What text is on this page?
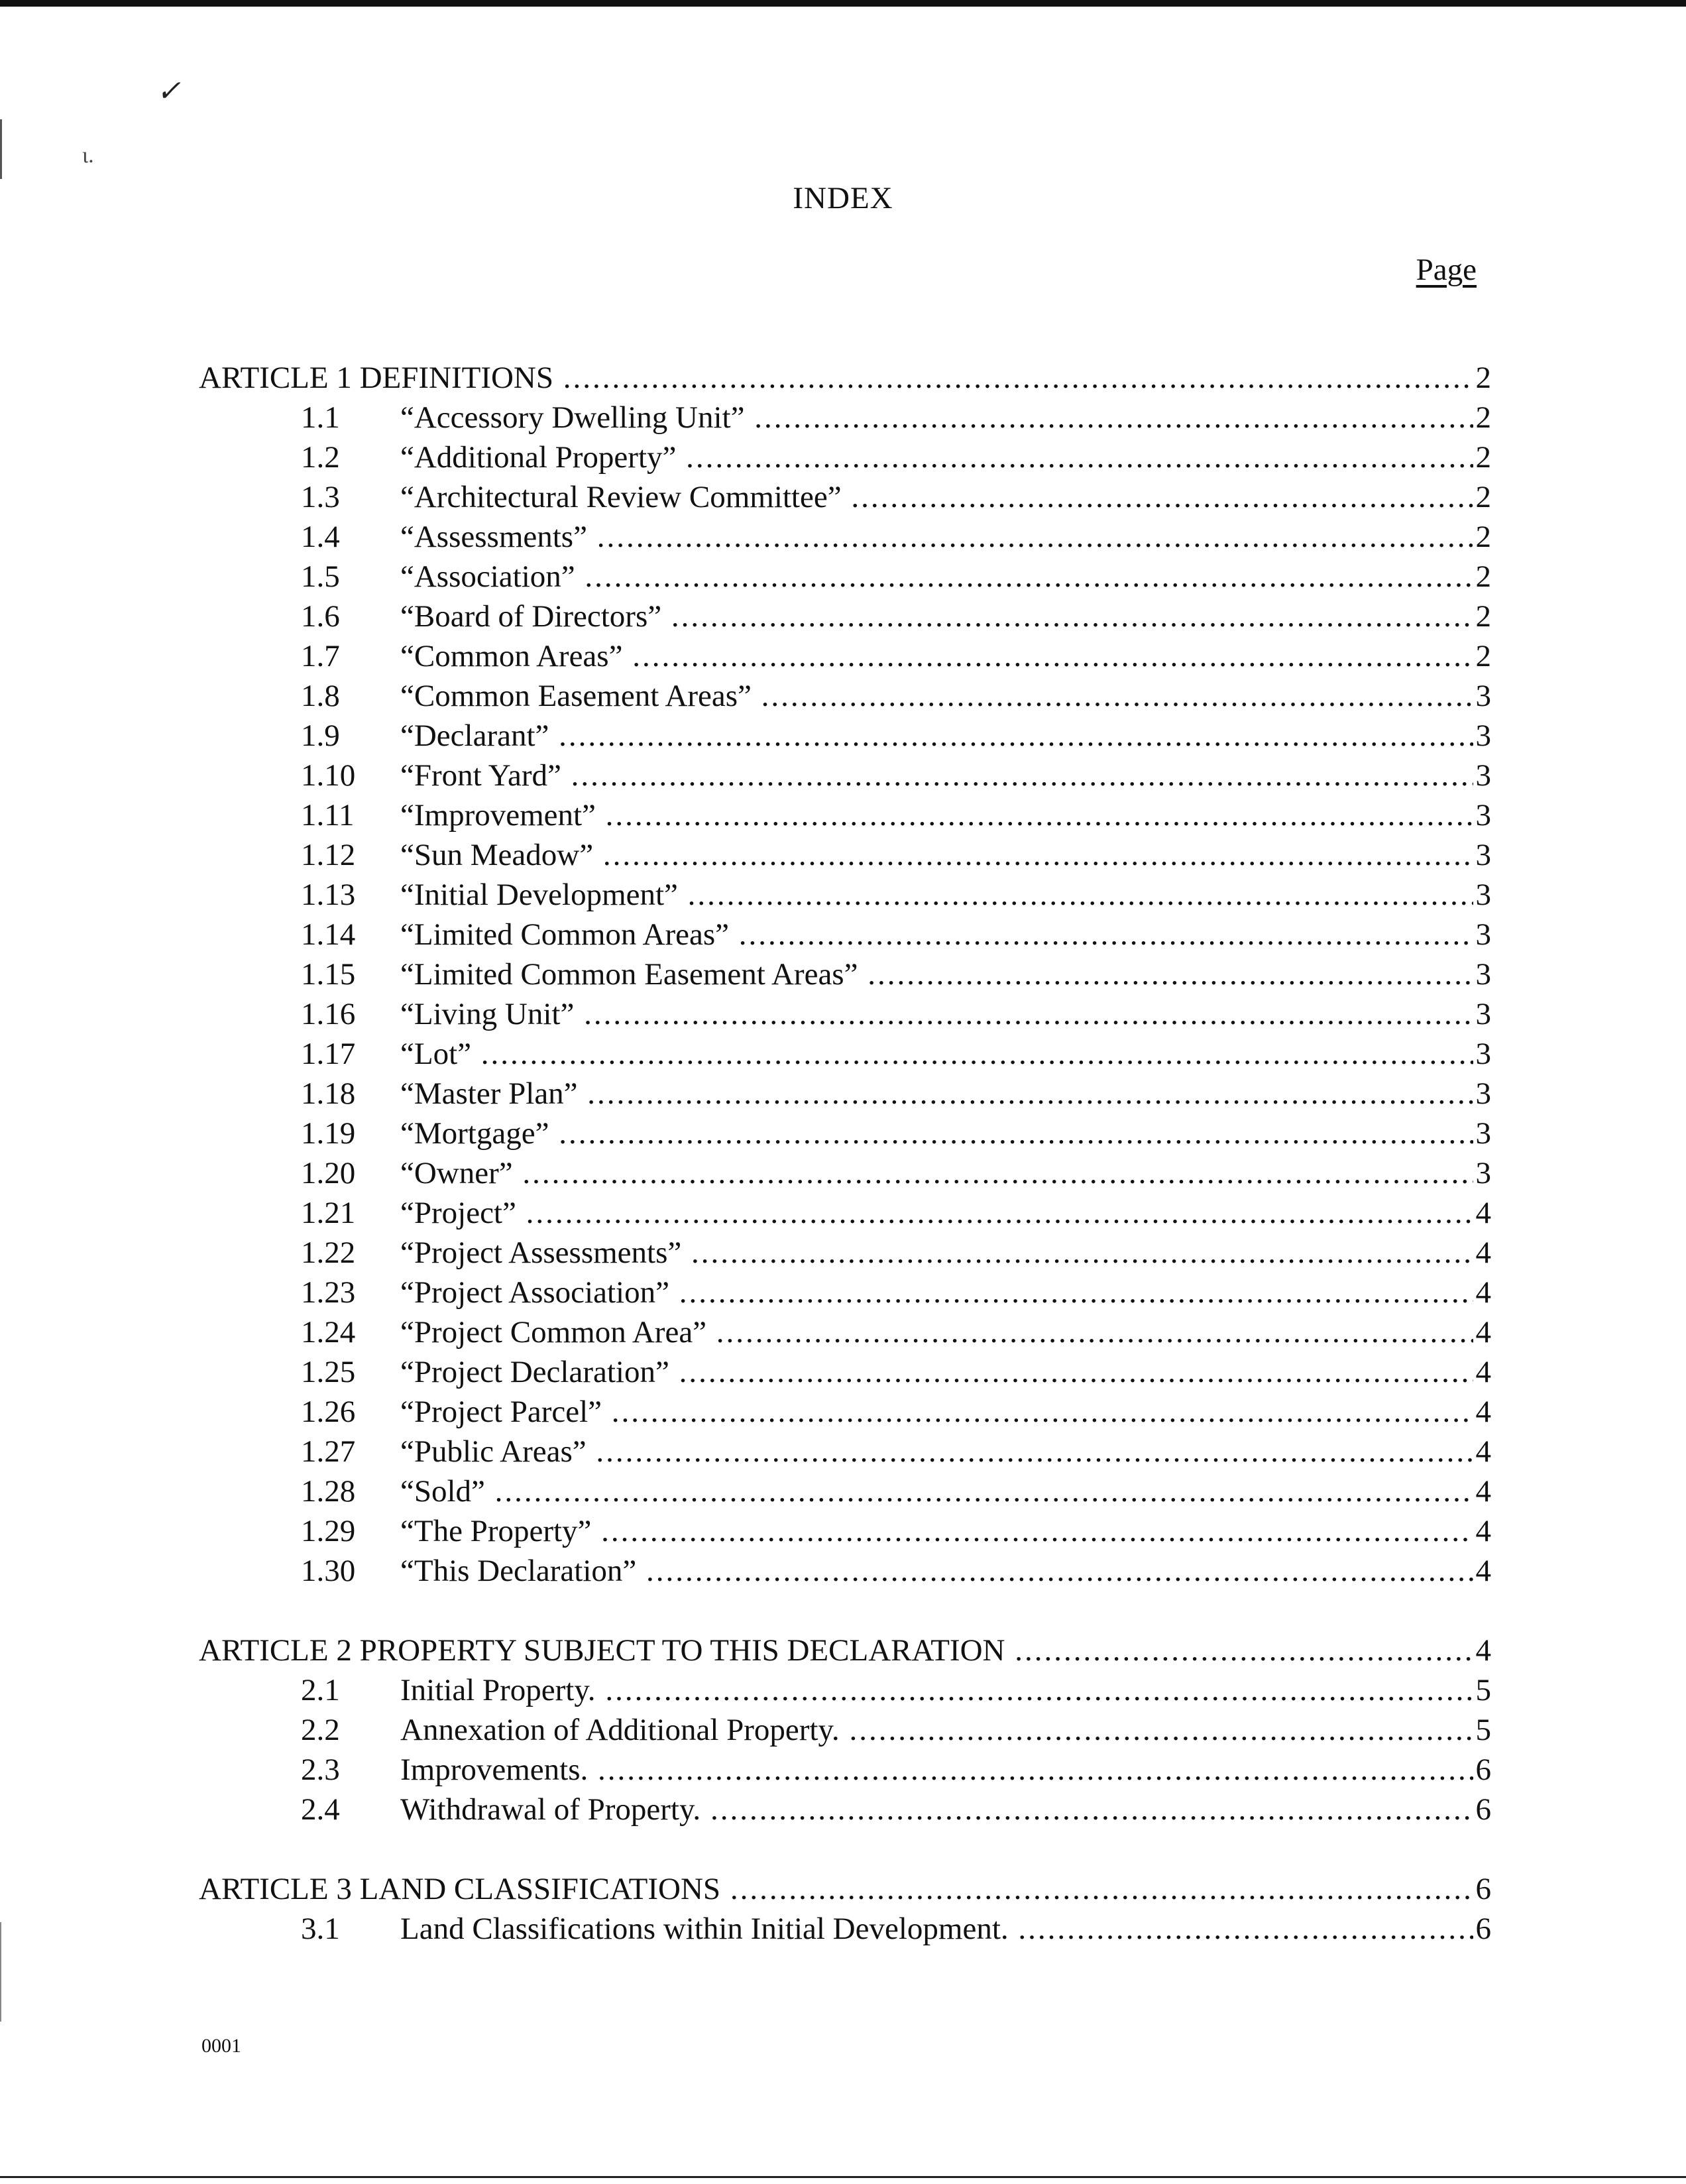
✓
ι.
INDEX
Page
ARTICLE 1 DEFINITIONS .....	2
1.1 “Accessory Dwelling Unit” .....	2
1.2 “Additional Property” .....	2
1.3 “Architectural Review Committee” .....	2
1.4 “Assessments” .....	2
1.5 “Association” .....	2
1.6 “Board of Directors” .....	2
1.7 “Common Areas” .....	2
1.8 “Common Easement Areas” .....	3
1.9 “Declarant” .....	3
1.10 “Front Yard” .....	3
1.11 “Improvement” .....	3
1.12 “Sun Meadow” .....	3
1.13 “Initial Development” .....	3
1.14 “Limited Common Areas” .....	3
1.15 “Limited Common Easement Areas” .....	3
1.16 “Living Unit” .....	3
1.17 “Lot” .....	3
1.18 “Master Plan” .....	3
1.19 “Mortgage” .....	3
1.20 “Owner” .....	3
1.21 “Project” .....	4
1.22 “Project Assessments” .....	4
1.23 “Project Association” .....	4
1.24 “Project Common Area” .....	4
1.25 “Project Declaration” .....	4
1.26 “Project Parcel” .....	4
1.27 “Public Areas” .....	4
1.28 “Sold” .....	4
1.29 “The Property” .....	4
1.30 “This Declaration” .....	4
ARTICLE 2 PROPERTY SUBJECT TO THIS DECLARATION .....	4
2.1 Initial Property. .....	5
2.2 Annexation of Additional Property. .....	5
2.3 Improvements. .....	6
2.4 Withdrawal of Property. .....	6
ARTICLE 3 LAND CLASSIFICATIONS .....	6
3.1 Land Classifications within Initial Development. .....	6
0001
